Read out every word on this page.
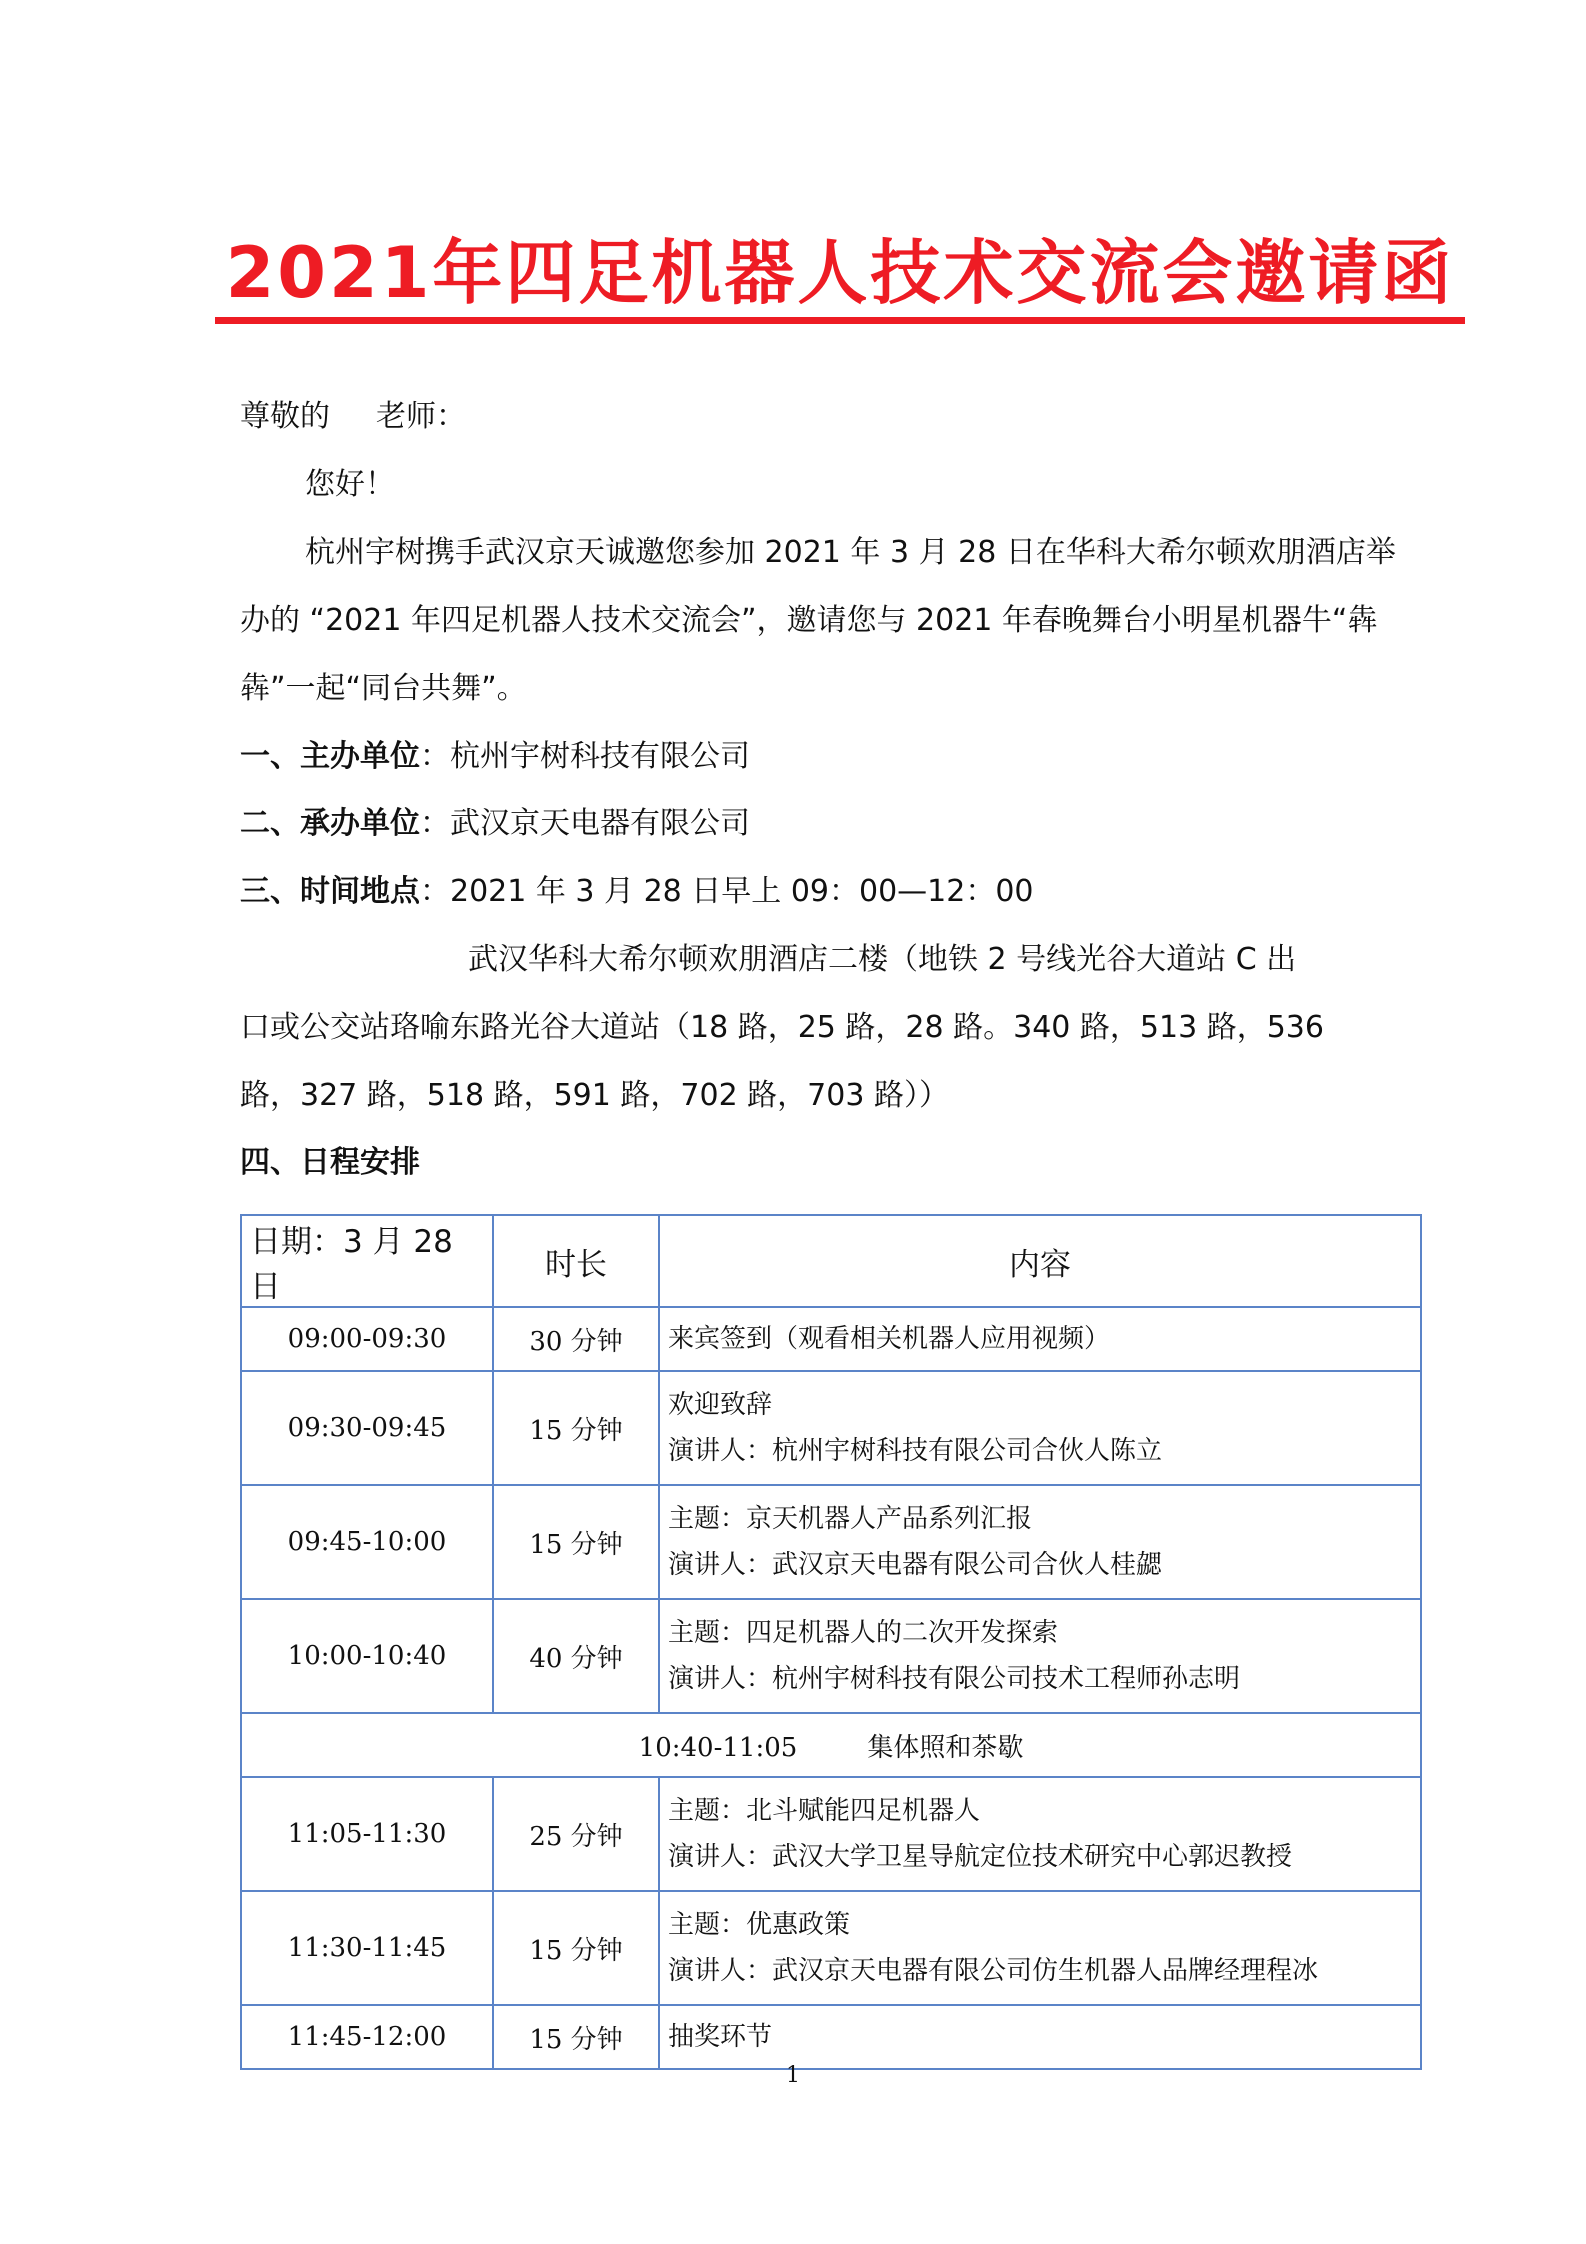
2021年四足机器人技术交流会邀请函
尊敬的 老师：
您好！
杭州宇树携手武汉京天诚邀您参加 2021 年 3 月 28 日在华科大希尔顿欢朋酒店举
办的 “2021 年四足机器人技术交流会”，邀请您与 2021 年春晚舞台小明星机器牛“犇
犇”一起“同台共舞”。
一、主办单位：杭州宇树科技有限公司
二、承办单位：武汉京天电器有限公司
三、时间地点：2021 年 3 月 28 日早上 09：00—12：00
武汉华科大希尔顿欢朋酒店二楼（地铁 2 号线光谷大道站 C 出
口或公交站珞喻东路光谷大道站（18 路，25 路，28 路。340 路，513 路，536
路，327 路，518 路，591 路，702 路，703 路））
四、日程安排
日期：3 月 28 日	时长	内容
09:00-09:30	30 分钟	来宾签到（观看相关机器人应用视频）

09:30-09:45	15 分钟	欢迎致辞
演讲人：杭州宇树科技有限公司合伙人陈立

09:45-10:00	15 分钟	主题：京天机器人产品系列汇报
演讲人：武汉京天电器有限公司合伙人桂勰

10:00-10:40	40 分钟	主题：四足机器人的二次开发探索
演讲人：杭州宇树科技有限公司技术工程师孙志明

10:40-11:05 集体照和茶歇		
11:05-11:30	25 分钟	主题：北斗赋能四足机器人
演讲人：武汉大学卫星导航定位技术研究中心郭迟教授

11:30-11:45	15 分钟	主题：优惠政策
演讲人：武汉京天电器有限公司仿生机器人品牌经理程冰

11:45-12:00	15 分钟	抽奖环节
1
